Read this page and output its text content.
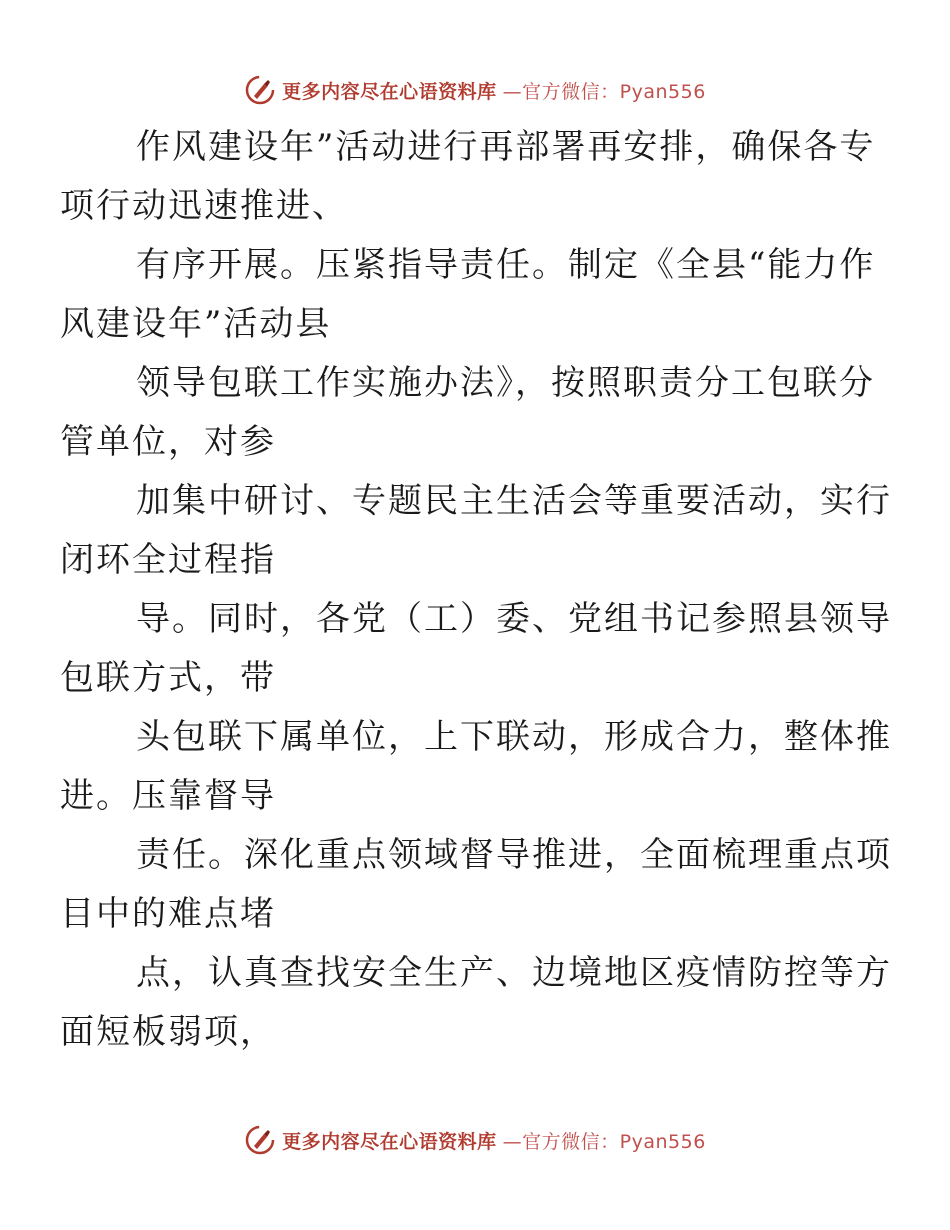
更多内容尽在心语资料库 —官方微信：Pyan556

作风建设年”活动进行再部署再安排，确保各专
项行动迅速推进、

有序开展。压紧指导责任。制定《全县“能力作
风建设年”活动县

领导包联工作实施办法》，按照职责分工包联分
管单位，对参

加集中研讨、专题民主生活会等重要活动，实行
闭环全过程指

导。同时，各党（工）委、党组书记参照县领导
包联方式，带

头包联下属单位，上下联动，形成合力，整体推
进。压靠督导

责任。深化重点领域督导推进，全面梳理重点项
目中的难点堵

点，认真查找安全生产、边境地区疫情防控等方
面短板弱项，

更多内容尽在心语资料库 —官方微信：Pyan556
